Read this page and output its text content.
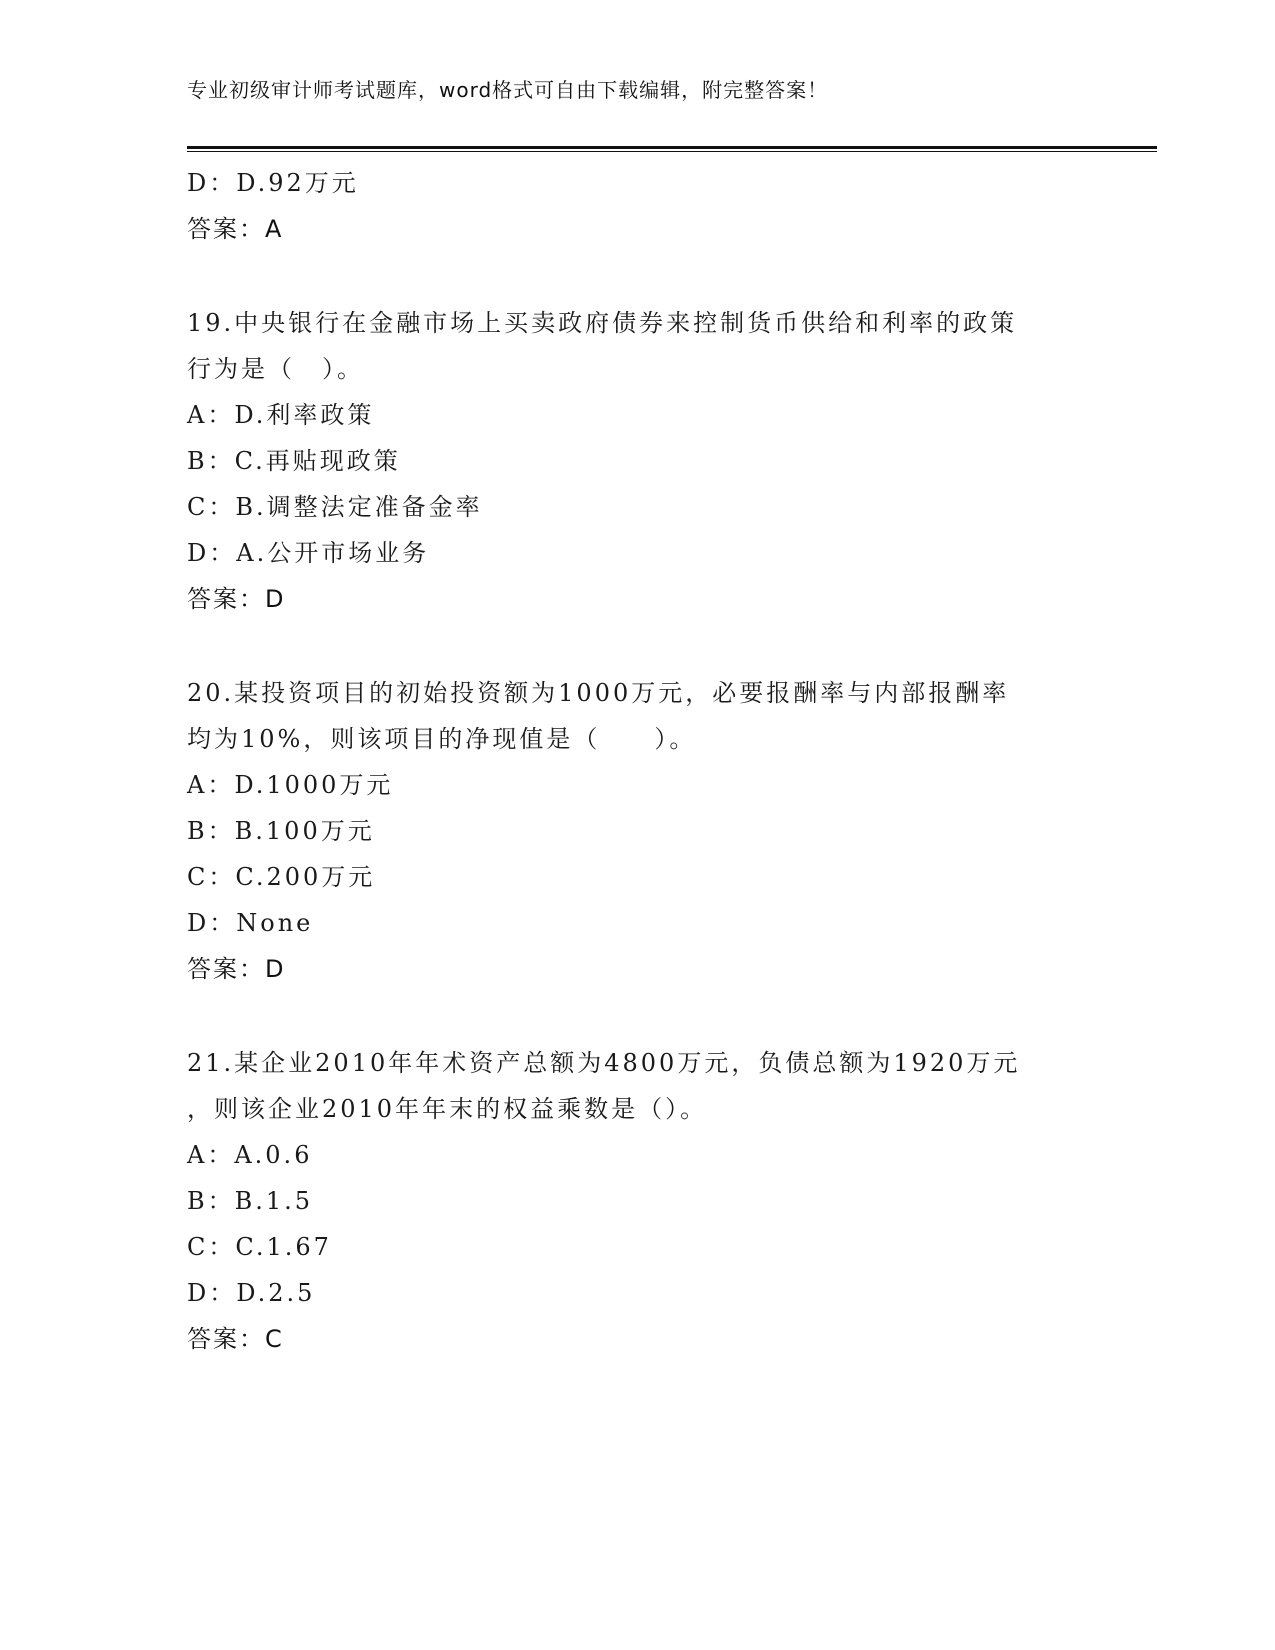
专业初级审计师考试题库，word格式可自由下载编辑，附完整答案！
D：D.92万元
答案：A
19.中央银行在金融市场上买卖政府债券来控制货币供给和利率的政策
行为是（　）。
A：D.利率政策
B：C.再贴现政策
C：B.调整法定准备金率
D：A.公开市场业务
答案：D
20.某投资项目的初始投资额为1000万元，必要报酬率与内部报酬率
均为10%，则该项目的净现值是（　　）。
A：D.1000万元
B：B.100万元
C：C.200万元
D：None
答案：D
21.某企业2010年年术资产总额为4800万元，负债总额为1920万元
，则该企业2010年年末的权益乘数是（）。
A：A.0.6
B：B.1.5
C：C.1.67
D：D.2.5
答案：C
